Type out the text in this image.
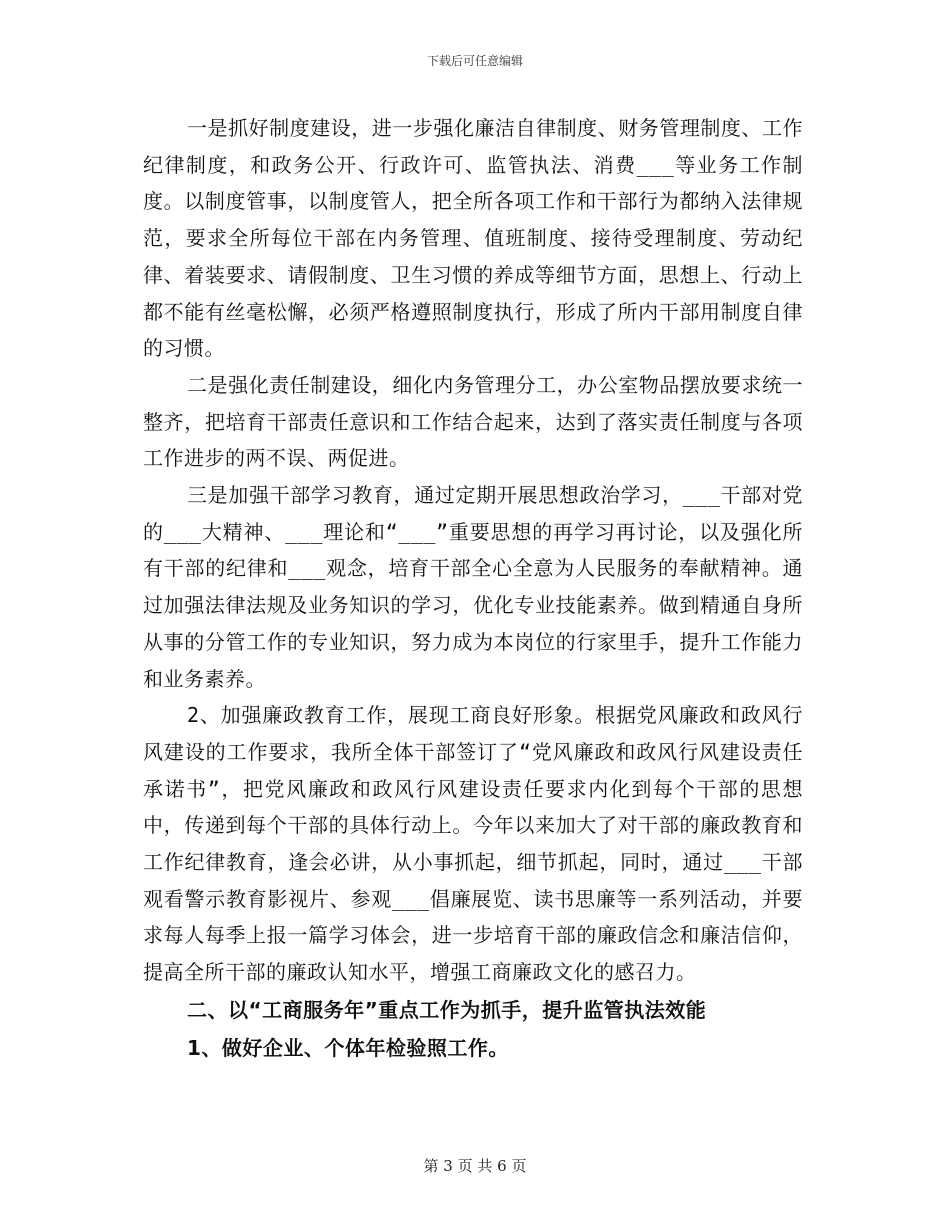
下载后可任意编辑

一是抓好制度建设，进一步强化廉洁自律制度、财务管理制度、工作纪律制度，和政务公开、行政许可、监管执法、消费___等业务工作制度。以制度管事，以制度管人，把全所各项工作和干部行为都纳入法律规范，要求全所每位干部在内务管理、值班制度、接待受理制度、劳动纪律、着装要求、请假制度、卫生习惯的养成等细节方面，思想上、行动上都不能有丝毫松懈，必须严格遵照制度执行，形成了所内干部用制度自律的习惯。

二是强化责任制建设，细化内务管理分工，办公室物品摆放要求统一整齐，把培育干部责任意识和工作结合起来，达到了落实责任制度与各项工作进步的两不误、两促进。

三是加强干部学习教育，通过定期开展思想政治学习，___干部对党的___大精神、___理论和“___”重要思想的再学习再讨论，以及强化所有干部的纪律和___观念，培育干部全心全意为人民服务的奉献精神。通过加强法律法规及业务知识的学习，优化专业技能素养。做到精通自身所从事的分管工作的专业知识，努力成为本岗位的行家里手，提升工作能力和业务素养。

2、加强廉政教育工作，展现工商良好形象。根据党风廉政和政风行风建设的工作要求，我所全体干部签订了“党风廉政和政风行风建设责任承诺书”，把党风廉政和政风行风建设责任要求内化到每个干部的思想中，传递到每个干部的具体行动上。今年以来加大了对干部的廉政教育和工作纪律教育，逢会必讲，从小事抓起，细节抓起，同时，通过___干部观看警示教育影视片、参观___倡廉展览、读书思廉等一系列活动，并要求每人每季上报一篇学习体会，进一步培育干部的廉政信念和廉洁信仰，提高全所干部的廉政认知水平，增强工商廉政文化的感召力。

二、以“工商服务年”重点工作为抓手，提升监管执法效能

1、做好企业、个体年检验照工作。

第 3 页 共 6 页
